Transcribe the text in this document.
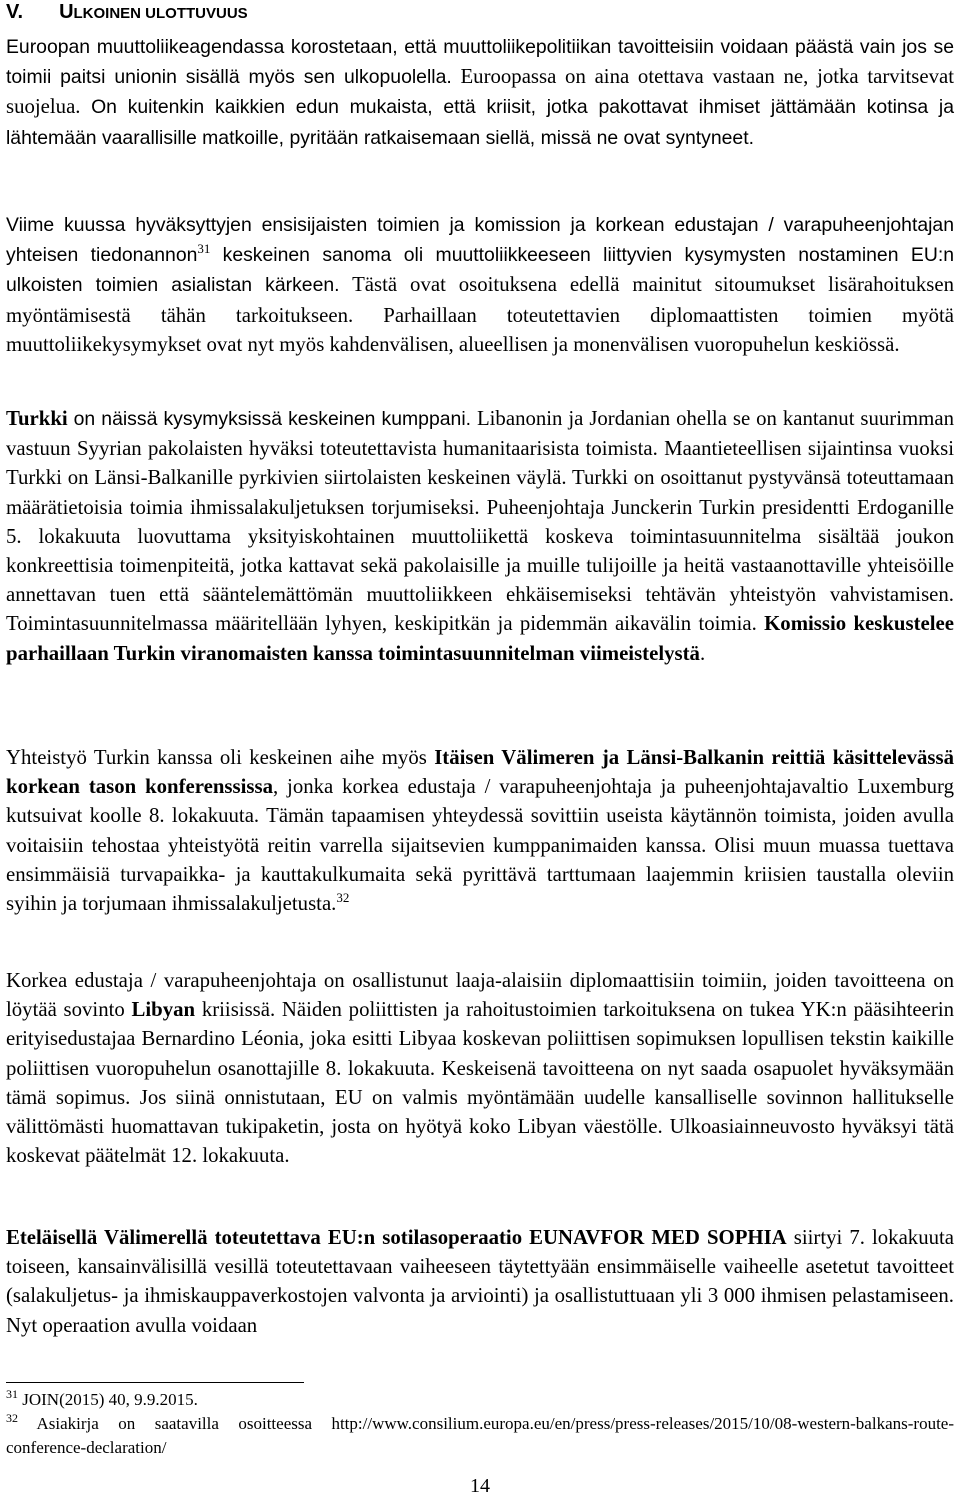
V. ULKOINEN ULOTTUVUUS

Euroopan muuttoliikeagendassa korostetaan, että muuttoliikepolitiikan tavoitteisiin voidaan päästä vain jos se toimii paitsi unionin sisällä myös sen ulkopuolella. Euroopassa on aina otettava vastaan ne, jotka tarvitsevat suojelua. On kuitenkin kaikkien edun mukaista, että kriisit, jotka pakottavat ihmiset jättämään kotinsa ja lähtemään vaarallisille matkoille, pyritään ratkaisemaan siellä, missä ne ovat syntyneet.

Viime kuussa hyväksyttyjen ensisijaisten toimien ja komission ja korkean edustajan / varapuheenjohtajan yhteisen tiedonannon$^{31}$ keskeinen sanoma oli muuttoliikkeeseen liittyvien kysymysten nostaminen EU:n ulkoisten toimien asialistan kärkeen. Tästä ovat osoituksena edellä mainitut sitoumukset lisärahoituksen myöntämisestä tähän tarkoitukseen. Parhaillaan toteutettavien diplomaattisten toimien myötä muuttoliikekysymykset ovat nyt myös kahdenvälisen, alueellisen ja monenvälisen vuoropuhelun keskiössä.

Turkki on näissä kysymyksissä keskeinen kumppani. Libanonin ja Jordanian ohella se on kantanut suurimman vastuun Syyrian pakolaisten hyväksi toteutettavista humanitaarisista toimista. Maantieteellisen sijaintinsa vuoksi Turkki on Länsi-Balkanille pyrkivien siirtolaisten keskeinen väylä. Turkki on osoittanut pystyvänsä toteuttamaan määrätietoisia toimia ihmissalakuljetuksen torjumiseksi. Puheenjohtaja Junckerin Turkin presidentti Erdoganille 5. lokakuuta luovuttama yksityiskohtainen muuttoliikettä koskeva toimintasuunnitelma sisältää joukon konkreettisia toimenpiteitä, jotka kattavat sekä pakolaisille ja muille tulijoille ja heitä vastaanottaville yhteisöille annettavan tuen että sääntelemättömän muuttoliikkeen ehkäisemiseksi tehtävän yhteistyön vahvistamisen. Toimintasuunnitelmassa määritellään lyhyen, keskipitkän ja pidemmän aikavälin toimia. Komissio keskustelee parhaillaan Turkin viranomaisten kanssa toimintasuunnitelman viimeistelystä.

Yhteistyö Turkin kanssa oli keskeinen aihe myös Itäisen Välimeren ja Länsi-Balkanin reittiä käsittelevässä korkean tason konferenssissa, jonka korkea edustaja / varapuheenjohtaja ja puheenjohtajavaltio Luxemburg kutsuivat koolle 8. lokakuuta. Tämän tapaamisen yhteydessä sovittiin useista käytännön toimista, joiden avulla voitaisiin tehostaa yhteistyötä reitin varrella sijaitsevien kumppanimaiden kanssa. Olisi muun muassa tuettava ensimmäisiä turvapaikka- ja kauttakulkumaita sekä pyrittävä tarttumaan laajemmin kriisien taustalla oleviin syihin ja torjumaan ihmissalakuljetusta.$^{32}$

Korkea edustaja / varapuheenjohtaja on osallistunut laaja-alaisiin diplomaattisiin toimiin, joiden tavoitteena on löytää sovinto Libyan kriisissä. Näiden poliittisten ja rahoitustoimien tarkoituksena on tukea YK:n pääsihteerin erityisedustajaa Bernardino Léonia, joka esitti Libyaa koskevan poliittisen sopimuksen lopullisen tekstin kaikille poliittisen vuoropuhelun osanottajille 8. lokakuuta. Keskeisenä tavoitteena on nyt saada osapuolet hyväksymään tämä sopimus. Jos siinä onnistutaan, EU on valmis myöntämään uudelle kansalliselle sovinnon hallitukselle välittömästi huomattavan tukipaketin, josta on hyötyä koko Libyan väestölle. Ulkoasiainneuvosto hyväksyi tätä koskevat päätelmät 12. lokakuuta.

Eteläisellä Välimerellä toteutettava EU:n sotilasoperaatio EUNAVFOR MED SOPHIA siirtyi 7. lokakuuta toiseen, kansainvälisillä vesillä toteutettavaan vaiheeseen täytettyään ensimmäiselle vaiheelle asetetut tavoitteet (salakuljetus- ja ihmiskauppaverkostojen valvonta ja arviointi) ja osallistuttuaan yli 3 000 ihmisen pelastamiseen. Nyt operaation avulla voidaan

$^{31}$ JOIN(2015) 40, 9.9.2015.

$^{32}$ Asiakirja on saatavilla osoitteessa http://www.consilium.europa.eu/en/press/press-releases/2015/10/08-western-balkans-route-conference-declaration/

14
